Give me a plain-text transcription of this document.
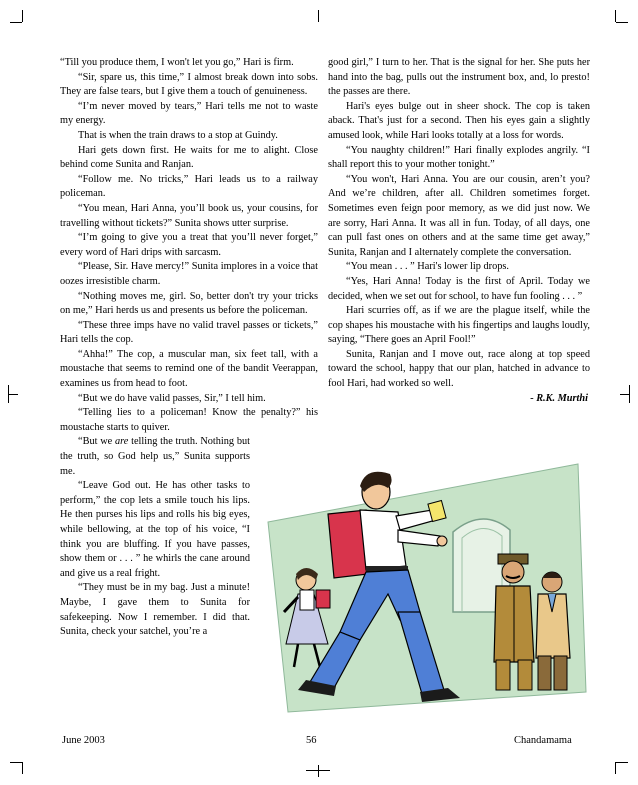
“Till you produce them, I won't let you go,” Hari is firm.

“Sir, spare us, this time,” I almost break down into sobs. They are false tears, but I give them a touch of genuineness.

“I’m never moved by tears,” Hari tells me not to waste my energy.

That is when the train draws to a stop at Guindy.

Hari gets down first. He waits for me to alight. Close behind come Sunita and Ranjan.

“Follow me. No tricks,” Hari leads us to a railway policeman.

“You mean, Hari Anna, you’ll book us, your cousins, for travelling without tickets?” Sunita shows utter surprise.

“I’m going to give you a treat that you’ll never forget,” every word of Hari drips with sarcasm.

“Please, Sir. Have mercy!” Sunita implores in a voice that oozes irresistible charm.

“Nothing moves me, girl. So, better don't try your tricks on me,” Hari herds us and presents us before the policeman.

“These three imps have no valid travel passes or tickets,” Hari tells the cop.

“Ahha!” The cop, a muscular man, six feet tall, with a moustache that seems to remind one of the bandit Veerappan, examines us from head to foot.

“But we do have valid passes, Sir,” I tell him.

“Telling lies to a policeman! Know the penalty?” his moustache starts to quiver.

“But we are telling the truth. Nothing but the truth, so God help us,” Sunita supports me.

“Leave God out. He has other tasks to perform,” the cop lets a smile touch his lips. He then purses his lips and rolls his big eyes, while bellowing, at the top of his voice, “I think you are bluffing. If you have passes, show them or . . . ” he whirls the cane around and give us a real fright.

“They must be in my bag. Just a minute! Maybe, I gave them to Sunita for safekeeping. Now I remember. I did that. Sunita, check your satchel, you’re a

good girl,” I turn to her. That is the signal for her. She puts her hand into the bag, pulls out the instrument box, and, lo presto! the passes are there.

Hari's eyes bulge out in sheer shock. The cop is taken aback. That's just for a second. Then his eyes gain a slightly amused look, while Hari looks totally at a loss for words.

“You naughty children!” Hari finally explodes angrily. “I shall report this to your mother tonight.”

“You won't, Hari Anna. You are our cousin, aren’t you? And we’re children, after all. Children sometimes forget. Sometimes even feign poor memory, as we did just now. We are sorry, Hari Anna. It was all in fun. Today, of all days, one can pull fast ones on others and at the same time get away,” Sunita, Ranjan and I alternately complete the conversation.

“You mean . . . ” Hari's lower lip drops.

“Yes, Hari Anna! Today is the first of April. Today we decided, when we set out for school, to have fun fooling . . . ”

Hari scurries off, as if we are the plague itself, while the cop shapes his moustache with his fingertips and laughs loudly, saying, “There goes an April Fool!”

Sunita, Ranjan and I move out, race along at top speed toward the school, happy that our plan, hatched in advance to fool Hari, had worked so well.

- R.K. Murthi

June 2003	56	Chandamama
